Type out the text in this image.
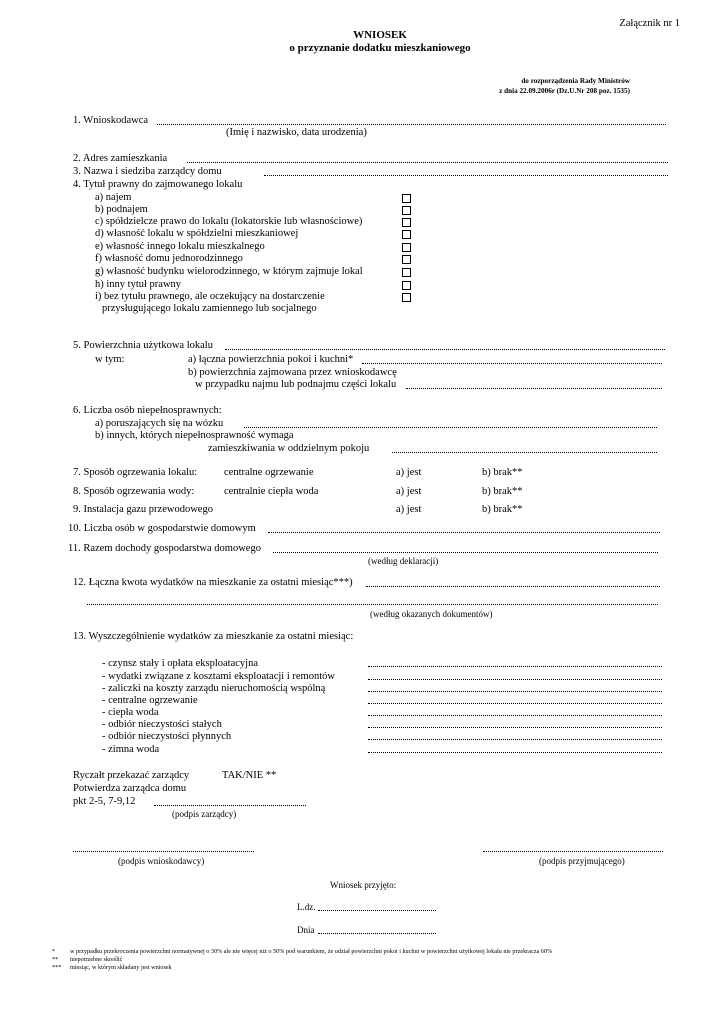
Załącznik nr 1
WNIOSEK
o przyznanie dodatku mieszkaniowego
do rozporządzenia Rady Ministrów
z dnia 22.09.2006r (Dz.U.Nr 208 poz. 1535)
1. Wnioskodawca
(Imię i nazwisko, data urodzenia)
2. Adres zamieszkania
3. Nazwa i siedziba zarządcy domu
4. Tytuł prawny do zajmowanego lokalu
a) najem
b) podnajem
c) spółdzielcze prawo do lokalu (lokatorskie lub własnościowe)
d) własność lokalu w spółdzielni mieszkaniowej
e) własność innego lokalu mieszkalnego
f) własność domu jednorodzinnego
g) własność budynku wielorodzinnego, w którym zajmuje lokal
h) inny tytuł prawny
i) bez tytułu prawnego, ale oczekujący na dostarczenie
przysługującego lokalu zamiennego lub socjalnego
5. Powierzchnia użytkowa lokalu
w tym:	a) łączna powierzchnia pokoi i kuchni*
b) powierzchnia zajmowana przez wnioskodawcę
w przypadku najmu lub podnajmu części lokalu
6. Liczba osób niepełnosprawnych:
a) poruszających się na wózku
b) innych, których niepełnosprawność wymaga
zamieszkiwania w oddzielnym pokoju
7. Sposób ogrzewania lokalu:	centralne ogrzewanie	a) jest	b) brak**
8. Sposób ogrzewania wody:	centralnie ciepła woda	a) jest	b) brak**
9. Instalacja gazu przewodowego	a) jest	b) brak**
10. Liczba osób w gospodarstwie domowym
11. Razem dochody gospodarstwa domowego
(według deklaracji)
12. Łączna kwota wydatków na mieszkanie za ostatni miesiąc***)
(według okazanych dokumentów)
13. Wyszczególnienie wydatków za mieszkanie za ostatni miesiąc:
- czynsz stały i opłata eksploatacyjna
- wydatki związane z kosztami eksploatacji i remontów
- zaliczki na koszty zarządu nieruchomością wspólną
- centralne ogrzewanie
- ciepła woda
- odbiór nieczystości stałych
- odbiór nieczystości płynnych
- zimna woda
Ryczałt przekazać zarządcy	TAK/NIE **
Potwierdza zarządca domu
pkt 2-5, 7-9,12
(podpis zarządcy)
(podpis wnioskodawcy)	(podpis przyjmującego)
Wniosek przyjęto:
L.dz.
Dnia
* w przypadku przekroczenia powierzchni normatywnej o 30% ale nie więcej niż o 50% pod warunkiem, że udział powierzchni pokoi i kuchni w powierzchni użytkowej lokalu nie przekracza 60%
** niepotrzebne skreślić
*** miesiąc, w którym składany jest wniosek
